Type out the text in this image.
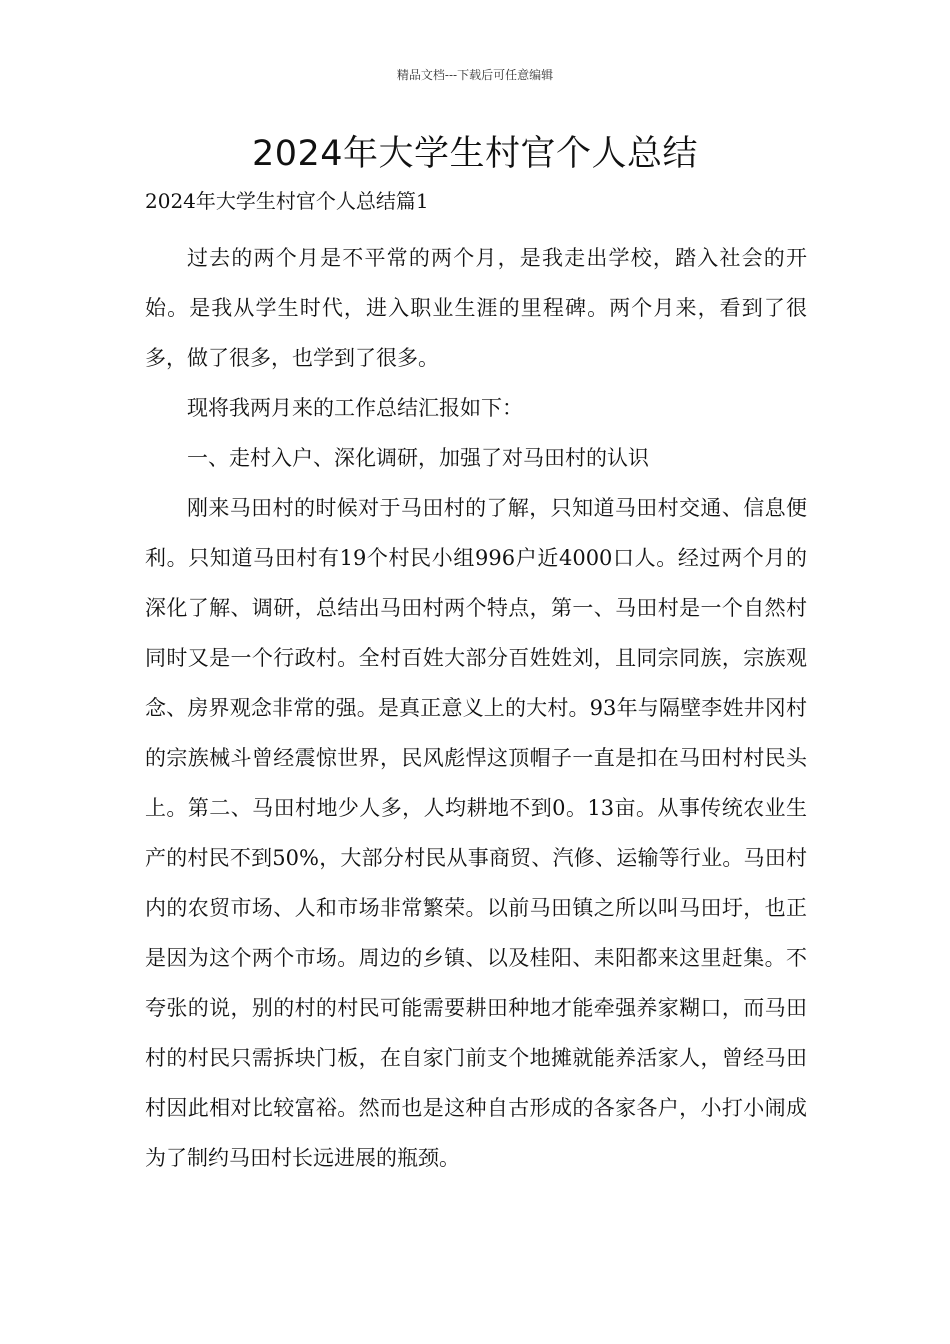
精品文档---下载后可任意编辑
2024年大学生村官个人总结
2024年大学生村官个人总结篇1

过去的两个月是不平常的两个月，是我走出学校，踏入社会的开始。是我从学生时代，进入职业生涯的里程碑。两个月来，看到了很多，做了很多，也学到了很多。

现将我两月来的工作总结汇报如下：

一、走村入户、深化调研，加强了对马田村的认识

刚来马田村的时候对于马田村的了解，只知道马田村交通、信息便利。只知道马田村有19个村民小组996户近4000口人。经过两个月的深化了解、调研，总结出马田村两个特点，第一、马田村是一个自然村同时又是一个行政村。全村百姓大部分百姓姓刘，且同宗同族，宗族观念、房界观念非常的强。是真正意义上的大村。93年与隔壁李姓井冈村的宗族械斗曾经震惊世界，民风彪悍这顶帽子一直是扣在马田村村民头上。第二、马田村地少人多，人均耕地不到0。13亩。从事传统农业生产的村民不到50%，大部分村民从事商贸、汽修、运输等行业。马田村内的农贸市场、人和市场非常繁荣。以前马田镇之所以叫马田圩，也正是因为这个两个市场。周边的乡镇、以及桂阳、耒阳都来这里赶集。不夸张的说，别的村的村民可能需要耕田种地才能牵强养家糊口，而马田村的村民只需拆块门板，在自家门前支个地摊就能养活家人，曾经马田村因此相对比较富裕。然而也是这种自古形成的各家各户，小打小闹成为了制约马田村长远进展的瓶颈。
